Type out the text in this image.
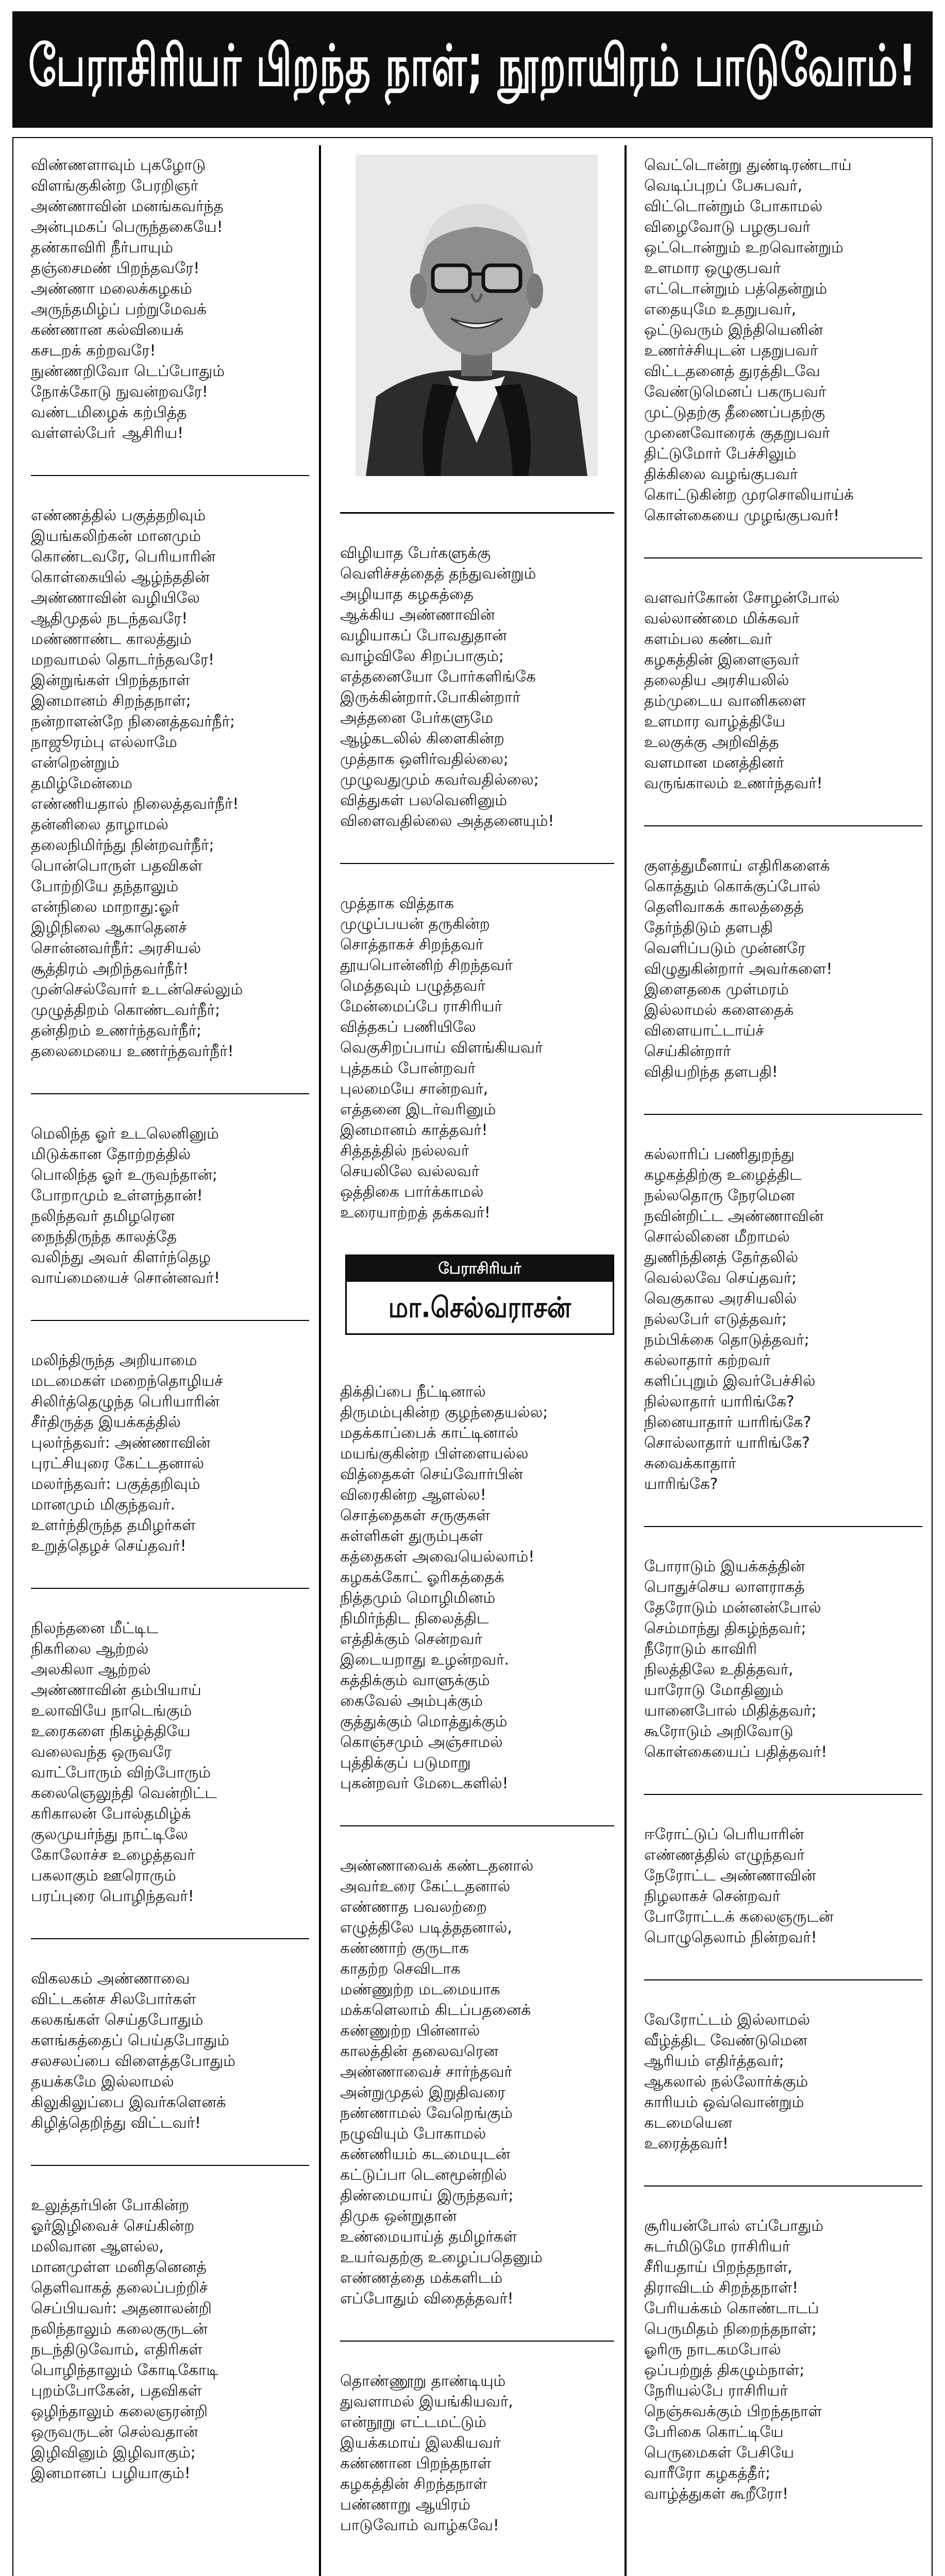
பேராசிரியர் பிறந்த நாள்; நூறாயிரம் பாடுவோம்!
விண்ணளாவும் புகழோடு
விளங்குகின்ற பேரறிஞர்
அண்ணாவின் மனங்கவர்ந்த
அன்புமகப் பெருந்தகையே!
தண்காவிரி நீர்பாயும்
தஞ்சைமண் பிறந்தவரே!
அண்ணா மலைக்கழகம்
அருந்தமிழ்ப் பற்றுமேவக்
கண்ணான கல்வியைக்
கசடறக் கற்றவரே!
நுண்ணறிவோ டெப்போதும்
நோக்கோடு நுவன்றவரே!
வண்டமிழைக் கற்பித்த
வள்ளல்போ் ஆசிரிய!
எண்ணத்தில் பகுத்தறிவும்
இயங்கலிற்கன் மானமும்
கொண்டவரே, பெரியாரின்
கொள்கையில் ஆழ்ந்ததின்
அண்ணாவின் வழியிலே
ஆதிமுதல் நடந்தவரே!
மண்ணாண்ட காலத்தும்
மறவாமல் தொடர்ந்தவரே!
இன்றுங்கள் பிறந்தநாள்
இனமானம் சிறந்தநாள்;
நன்றாளன்றே நினைத்தவர்நீர்;
நாஜூரம்பு எல்லாமே
என்றென்றும்
தமிழ்மேன்மை
எண்ணியதால் நிலைத்தவர்நீர்!
தன்னிலை தாழாமல்
தலைநிமிர்ந்து நின்றவர்நீர்;
பொன்பொருள் பதவிகள்
போற்றியே தந்தாலும்
என்நிலை மாறாது:ஓர்
இழிநிலை ஆகாதெனச்
சொன்னவர்நீர்: அரசியல்
சூத்திரம் அறிந்தவர்நீர்!
முன்செல்வோர் உடன்செல்லும்
முழுத்திறம் கொண்டவர்நீர்;
தன்திறம் உணர்ந்தவர்நீர்;
தலைமையை உணர்ந்தவர்நீர்!
மெலிந்த ஓர் உடலெனினும்
மிடுக்கான தோற்றத்தில்
பொலிந்த ஓர் உருவந்தான்;
போறாமும் உள்ளந்தான்!
நலிந்தவர் தமிழரென
நைந்திருந்த காலத்தே
வலிந்து அவர் கிளர்ந்தெழ
வாய்மையைச் சொன்னவர்!
மலிந்திருந்த அறியாமை
மடமைகள் மறைந்தொழியச்
சிலிர்த்தெழுந்த பெரியாரின்
சீர்திருத்த இயக்கத்தில்
புலர்ந்தவர்: அண்ணாவின்
புரட்சியுரை கேட்டதனால்
மலர்ந்தவர்: பகுத்தறிவும்
மானமும் மிகுந்தவர்.
உளர்ந்திருந்த தமிழர்கள்
உறுத்தெழச் செய்தவர்!
நிலந்தனை மீட்டிட
நிகரிலை ஆற்றல்
அலகிலா ஆற்றல்
அண்ணாவின் தம்பியாய்
உலாவியே நாடெங்கும்
உரைகளை நிகழ்த்தியே
வலைவந்த ஒருவரே
வாட்போரும் விற்போரும்
கலைஞெலுந்தி வென்றிட்ட
கரிகாலன் போல்தமிழ்க்
குலமுயர்ந்து நாட்டிலே
கோலோச்ச உழைத்தவர்
பகலாகும் ஊரொரும்
பரப்புரை பொழிந்தவர்!
விகலகம் அண்ணாவை
விட்டகன்ச சிலபோர்கள்
கலகங்கள் செய்தபோதும்
களங்கத்தைப் பெய்தபோதும்
சலசலப்பை விளைத்தபோதும்
தயக்கமே இல்லாமல்
கிலுகிலுப்பை இவர்களெனக்
கிழித்தெறிந்து விட்டவர்!
உலுத்தர்பின் போகின்ற
ஓர்இழிவைச் செய்கின்ற
மலிவான ஆளல்ல,
மானமுள்ள மனிதனெனத்
தெளிவாகத் தலைப்பற்றிச்
செப்பியவர்: அதனாலன்றி
நலிந்தாலும் கலைகுருடன்
நடந்திடுவோம், எதிரிகள்
பொழிந்தாலும் கோடிகோடி
புறம்போகேன், பதவிகள்
ஒழிந்தாலும் கலைஞரன்றி
ஒருவருடன் செல்வதான்
இழிவினும் இழிவாகும்;
இனமானப் பழியாகும்!
விழியாத பேர்களுக்கு
வெளிச்சத்தைத் தந்துவன்றும்
அழியாத கழகத்தை
ஆக்கிய அண்ணாவின்
வழியாகப் போவதுதான்
வாழ்விலே சிறப்பாகும்;
எத்தனையோ போர்களிங்கே
இருக்கின்றார்.போகின்றார்
அத்தனை பேர்களுமே
ஆழ்கடலில் கிளைகின்ற
முத்தாக ஒளிர்வதில்லை;
முழுவதுமும் கவர்வதில்லை;
வித்துகள் பலவெனினும்
விளைவதில்லை அத்தனையும்!
முத்தாக வித்தாக
முழுப்பயன் தருகின்ற
சொத்தாகச் சிறந்தவர்
தூயபொன்னிற் சிறந்தவர்
மெத்தவும் பழுத்தவர்
மேன்மைப்பே ராசிரியர்
வித்தகப் பணியிலே
வெகுசிறப்பாய் விளங்கியவர்
புத்தகம் போன்றவர்
புலமையே சான்றவர்,
எத்தனை இடர்வரினும்
இனமானம் காத்தவர்!
சித்தத்தில் நல்லவர்
செயலிலே வல்லவர்
ஒத்திகை பார்க்காமல்
உரையாற்றத் தக்கவர்!
பேராசிரியர்
மா.செல்வராசன்
திக்திப்பை நீட்டினால்
திருமம்புகின்ற குழந்தையல்ல;
மதக்காப்பைக் காட்டினால்
மயங்குகின்ற பிள்ளையல்ல
வித்தைகள் செய்வோர்பின்
விரைகின்ற ஆளல்ல!
சொத்தைகள் சருகுகள்
சுள்ளிகள் துரும்புகள்
கத்தைகள் அவையெல்லாம்!
கழகக்கோட் ஓரிகத்தைக்
நித்தமும் மொழிமினம்
நிமிர்ந்திட நிலைத்திட
எத்திக்கும் சென்றவர்
இடையறாது உழன்றவர்.
கத்திக்கும் வாளுக்கும்
கைவேல் அம்புக்கும்
குத்துக்கும் மொத்துக்கும்
கொஞ்சமும் அஞ்சாமல்
புத்திக்குப் படுமாறு
புகன்றவர் மேடைகளில்!
அண்ணாவைக் கண்டதனால்
அவர்உரை கேட்டதனால்
எண்ணாத பவலற்றை
எழுத்திலே படித்ததனால்,
கண்ணாற் குருடாக
காதற்ற செவிடாக
மண்ணுற்ற மடமையாக
மக்களெலாம் கிடப்பதனைக்
கண்ணுற்ற பின்னால்
காலத்தின் தலைவரென
அண்ணாவைச் சார்ந்தவர்
அன்றுமுதல் இறுதிவரை
நண்ணாமல் வேறெங்கும்
நழுவியும் போகாமல்
கண்ணியம் கடமையுடன்
கட்டுப்பா டெனமூன்றில்
திண்மையாய் இருந்தவர்;
திமுக ஒன்றுதான்
உண்மையாய்த் தமிழர்கள்
உயர்வதற்கு உழைப்பதெனும்
எண்ணத்தை மக்களிடம்
எப்போதும் விதைத்தவர்!
தொண்ணூறு தாண்டியும்
துவளாமல் இயங்கியவர்,
என்நூறு எட்டமட்டும்
இயக்கமாய் இலகியவர்
கண்ணான பிறந்தநாள்
கழகத்தின் சிறந்தநாள்
பண்ணாறு ஆயிரம்
பாடுவோம் வாழ்கவே!
வெட்டொன்று துண்டிரண்டாய்
வெடிப்புறப் பேசுபவர்,
விட்டொன்றும் போகாமல்
விழைவோடு பழகுபவர்
ஒட்டொன்றும் உறவொன்றும்
உளமார ஒழுகுபவர்
எட்டொன்றும் பத்தென்றும்
எதையுமே உதறுபவர்,
ஒட்டுவரும் இந்தியெனின்
உணர்ச்சியுடன் பதறுபவர்
விட்டதனைத் துரத்திடவே
வேண்டுமெனப் பகருபவர்
முட்டுதற்கு தீணைப்பதற்கு
முனைவோரைக் குதறுபவர்
திட்டுமோர் பேச்சிலும்
திக்கிலை வழங்குபவர்
கொட்டுகின்ற முரசொலியாய்க்
கொள்கையை முழங்குபவர்!
வளவர்கோன் சோழன்போல்
வல்லாண்மை மிக்கவர்
களம்பல கண்டவர்
கழகத்தின் இளைஞவர்
தலைதிய அரசியலில்
தம்முடைய வானிகளை
உளமார வாழ்த்தியே
உலகுக்கு அறிவித்த
வளமான மனத்தினர்
வருங்காலம் உணர்ந்தவர்!
குளத்துமீனாய் எதிரிகளைக்
கொத்தும் கொக்குப்போல்
தெளிவாகக் காலத்தைத்
தேர்ந்திடும் தளபதி
வெளிப்படும் முன்னரே
விழுதுகின்றார் அவர்களை!
இளைதகை முள்மரம்
இல்லாமல் களைதைக்
விளையாட்டாய்ச்
செய்கின்றார்
விதியறிந்த தளபதி!
கல்லாரிப் பணிதுறந்து
கழகத்திற்கு உழைத்திட
நல்லதொரு நேரமென
நவின்றிட்ட அண்ணாவின்
சொல்லினை மீறாமல்
துணிந்தினத் தேர்தலில்
வெல்லவே செய்தவர்;
வெகுகால அரசியலில்
நல்லபேர் எடுத்தவர்;
நம்பிக்கை தொடுத்தவர்;
கல்லாதார் கற்றவர்
களிப்புறும் இவர்பேச்சில்
நில்லாதார் யாரிங்கே?
நினையாதார் யாரிங்கே?
சொல்லாதார் யாரிங்கே?
சுவைக்காதார்
யாரிங்கே?
போராடும் இயக்கத்தின்
பொதுச்செய லாளராகத்
தேரோடும் மன்னன்போல்
செம்மாந்து திகழ்ந்தவர்;
நீரோடும் காவிரி
நிலத்திலே உதித்தவர்,
யாரோடு மோதினும்
யானைபோல் மிதித்தவர்;
கூரோடும் அறிவோடு
கொள்கையைப் பதித்தவர்!
ஈரோட்டுப் பெரியாரின்
எண்ணத்தில் எழுந்தவர்
நேரோட்ட அண்ணாவின்
நிழலாகச் சென்றவர்
போரோட்டக் கலைஞருடன்
பொழுதெலாம் நின்றவர்!
வேரோட்டம் இல்லாமல்
வீழ்த்திட வேண்டுமென
ஆரியம் எதிர்த்தவர்;
ஆகலால் நல்லோர்க்கும்
காரியம் ஒவ்வொன்றும்
கடமையென
உரைத்தவர்!
சூரியன்போல் எப்போதும்
சுடர்மிடுமே ராசிரியர்
சீரியதாய் பிறந்தநாள்,
திராவிடம் சிறந்தநாள்!
பேரியக்கம் கொண்டாடப்
பெருமிதம் நிறைந்தநாள்;
ஓரிரு நாடகமபோல்
ஒப்பற்றுத் திகழும்நாள்;
நேரியல்பே ராசிரியர்
நெஞ்சுவக்கும் பிறந்தநாள்
பேரிகை கொட்டியே
பெருமைகள் பேசியே
வாரீரோ கழகத்தீர்;
வாழ்த்துகள் கூறீரோ!
